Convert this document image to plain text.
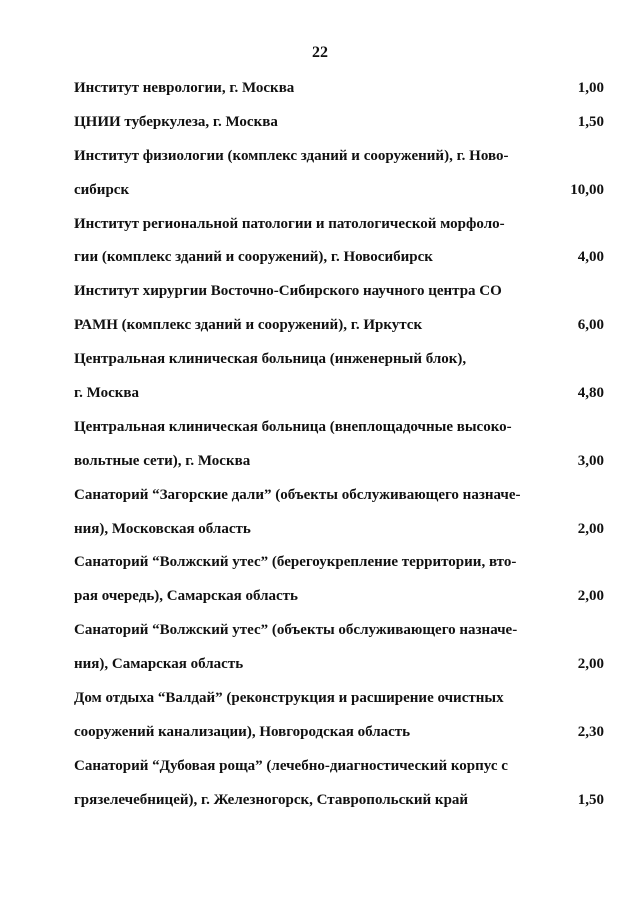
22
Институт неврологии, г. Москва	1,00
ЦНИИ туберкулеза, г. Москва	1,50
Институт физиологии (комплекс зданий и сооружений), г. Ново-
сибирск	10,00
Институт региональной патологии и патологической морфоло-
гии (комплекс зданий и сооружений), г. Новосибирск	4,00
Институт хирургии Восточно-Сибирского научного центра СО
РАМН (комплекс зданий и сооружений), г. Иркутск	6,00
Центральная клиническая больница (инженерный блок),
г. Москва	4,80
Центральная клиническая больница (внеплощадочные высоко-
вольтные сети), г. Москва	3,00
Санаторий “Загорские дали” (объекты обслуживающего назначе-
ния), Московская область	2,00
Санаторий “Волжский утес” (берегоукрепление территории, вто-
рая очередь), Самарская область	2,00
Санаторий “Волжский утес” (объекты обслуживающего назначе-
ния), Самарская область	2,00
Дом отдыха “Валдай” (реконструкция и расширение очистных
сооружений канализации), Новгородская область	2,30
Санаторий “Дубовая роща” (лечебно-диагностический корпус с
грязелечебницей), г. Железногорск, Ставропольский край	1,50
